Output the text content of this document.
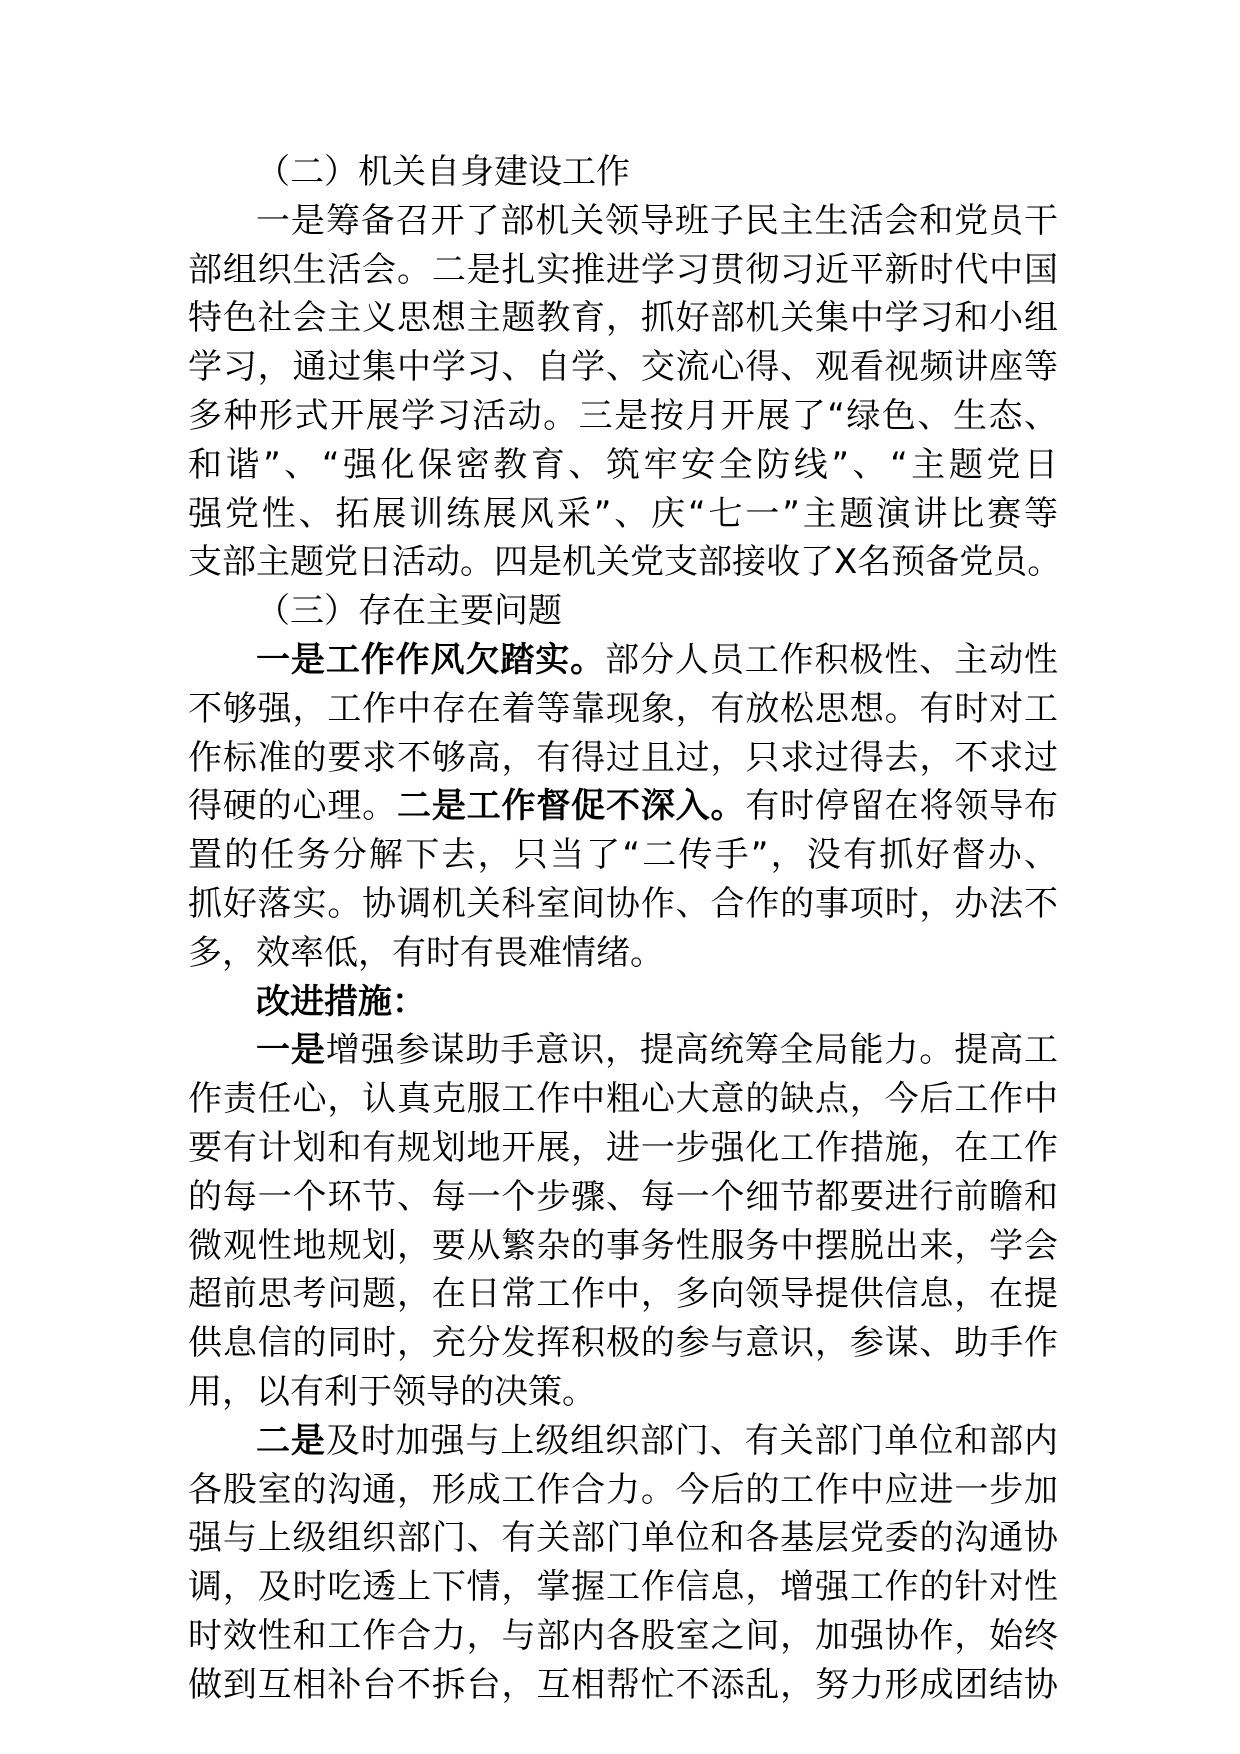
（二）机关自身建设工作
一是筹备召开了部机关领导班子民主生活会和党员干
部组织生活会。二是扎实推进学习贯彻习近平新时代中国
特色社会主义思想主题教育，抓好部机关集中学习和小组
学习，通过集中学习、自学、交流心得、观看视频讲座等
多种形式开展学习活动。三是按月开展了“绿色、生态、
和谐”、“强化保密教育、筑牢安全防线”、“主题党日
强党性、拓展训练展风采”、庆“七一”主题演讲比赛等
支部主题党日活动。四是机关党支部接收了X名预备党员。
（三）存在主要问题
一是工作作风欠踏实。部分人员工作积极性、主动性
不够强，工作中存在着等靠现象，有放松思想。有时对工
作标准的要求不够高，有得过且过，只求过得去，不求过
得硬的心理。二是工作督促不深入。有时停留在将领导布
置的任务分解下去，只当了“二传手”，没有抓好督办、
抓好落实。协调机关科室间协作、合作的事项时，办法不
多，效率低，有时有畏难情绪。
改进措施：
一是增强参谋助手意识，提高统筹全局能力。提高工
作责任心，认真克服工作中粗心大意的缺点，今后工作中
要有计划和有规划地开展，进一步强化工作措施，在工作
的每一个环节、每一个步骤、每一个细节都要进行前瞻和
微观性地规划，要从繁杂的事务性服务中摆脱出来，学会
超前思考问题，在日常工作中，多向领导提供信息，在提
供息信的同时，充分发挥积极的参与意识，参谋、助手作
用，以有利于领导的决策。
二是及时加强与上级组织部门、有关部门单位和部内
各股室的沟通，形成工作合力。今后的工作中应进一步加
强与上级组织部门、有关部门单位和各基层党委的沟通协
调，及时吃透上下情，掌握工作信息，增强工作的针对性
时效性和工作合力，与部内各股室之间，加强协作，始终
做到互相补台不拆台，互相帮忙不添乱，努力形成团结协
